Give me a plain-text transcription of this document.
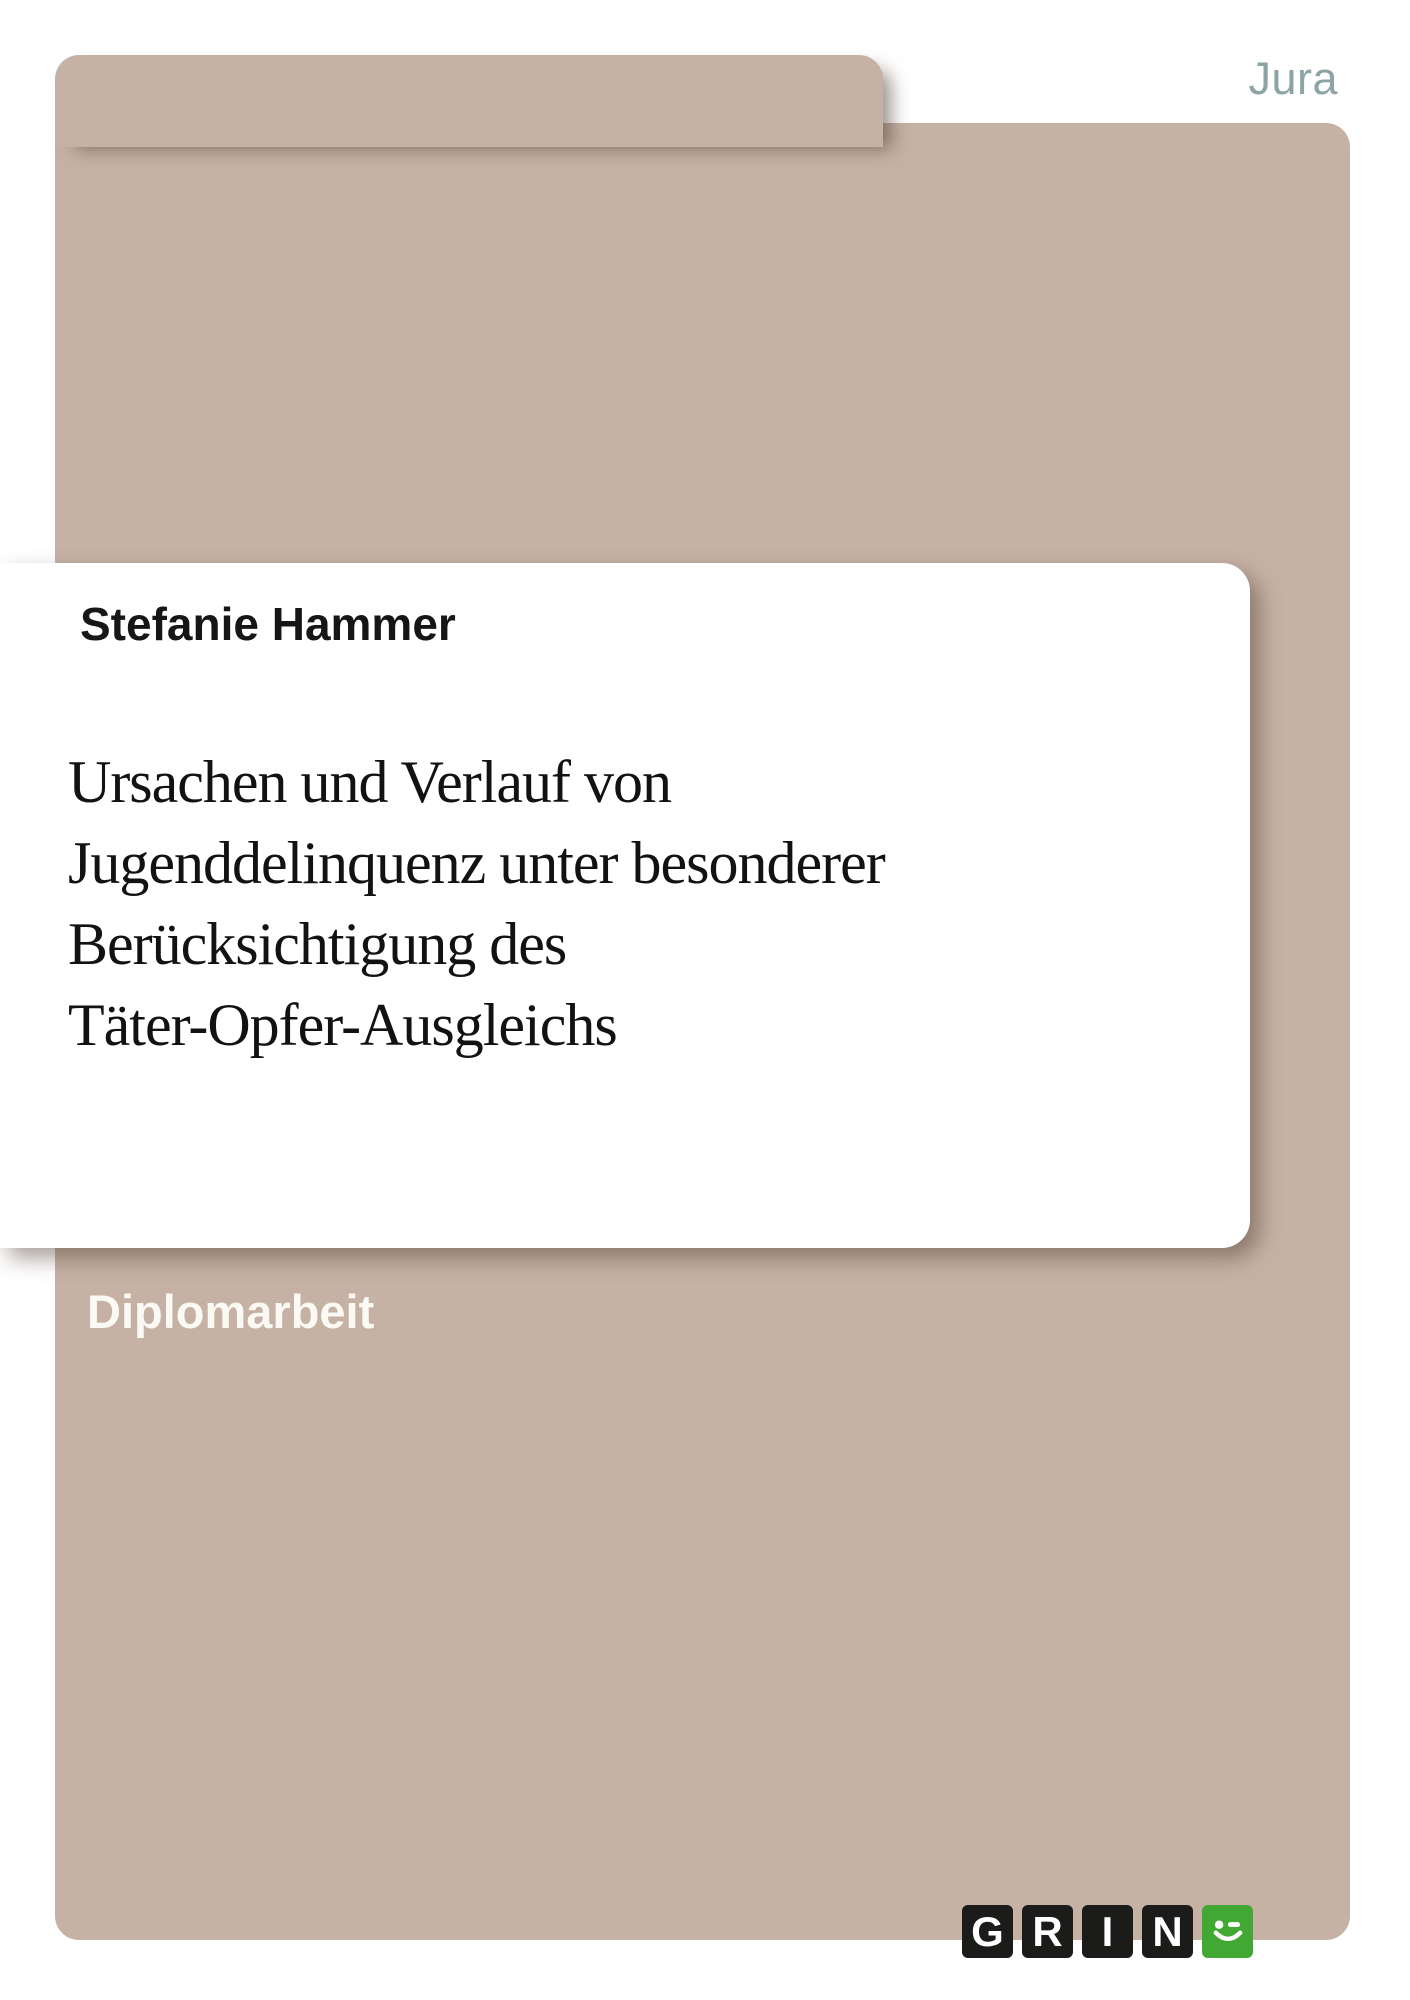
Jura
Stefanie Hammer
Ursachen und Verlauf von
Jugenddelinquenz unter besonderer
Berücksichtigung des
Täter-Opfer-Ausgleichs
Diplomarbeit
G R I N
